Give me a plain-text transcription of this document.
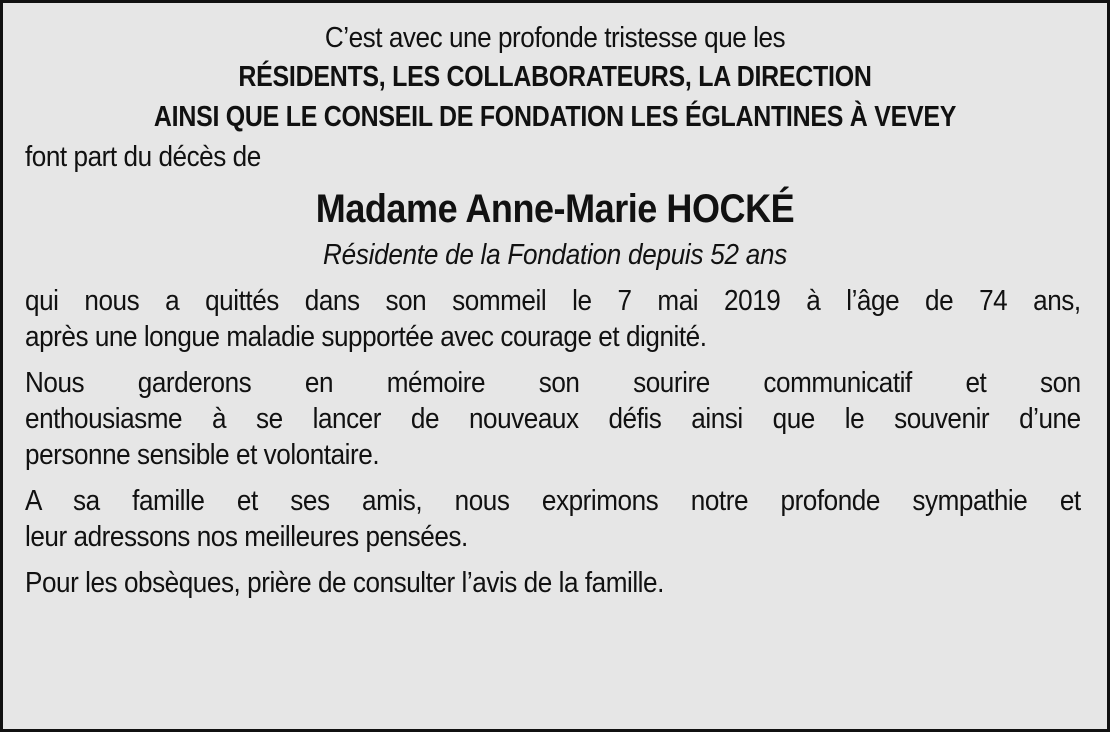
C’est avec une profonde tristesse que les
RÉSIDENTS, LES COLLABORATEURS, LA DIRECTION
AINSI QUE LE CONSEIL DE FONDATION LES ÉGLANTINES À VEVEY
font part du décès de
Madame Anne-Marie HOCKÉ
Résidente de la Fondation depuis 52 ans
qui nous a quittés dans son sommeil le 7 mai 2019 à l’âge de 74 ans,
après une longue maladie supportée avec courage et dignité.
Nous garderons en mémoire son sourire communicatif et son
enthousiasme à se lancer de nouveaux défis ainsi que le souvenir d’une
personne sensible et volontaire.
A sa famille et ses amis, nous exprimons notre profonde sympathie et
leur adressons nos meilleures pensées.
Pour les obsèques, prière de consulter l’avis de la famille.
